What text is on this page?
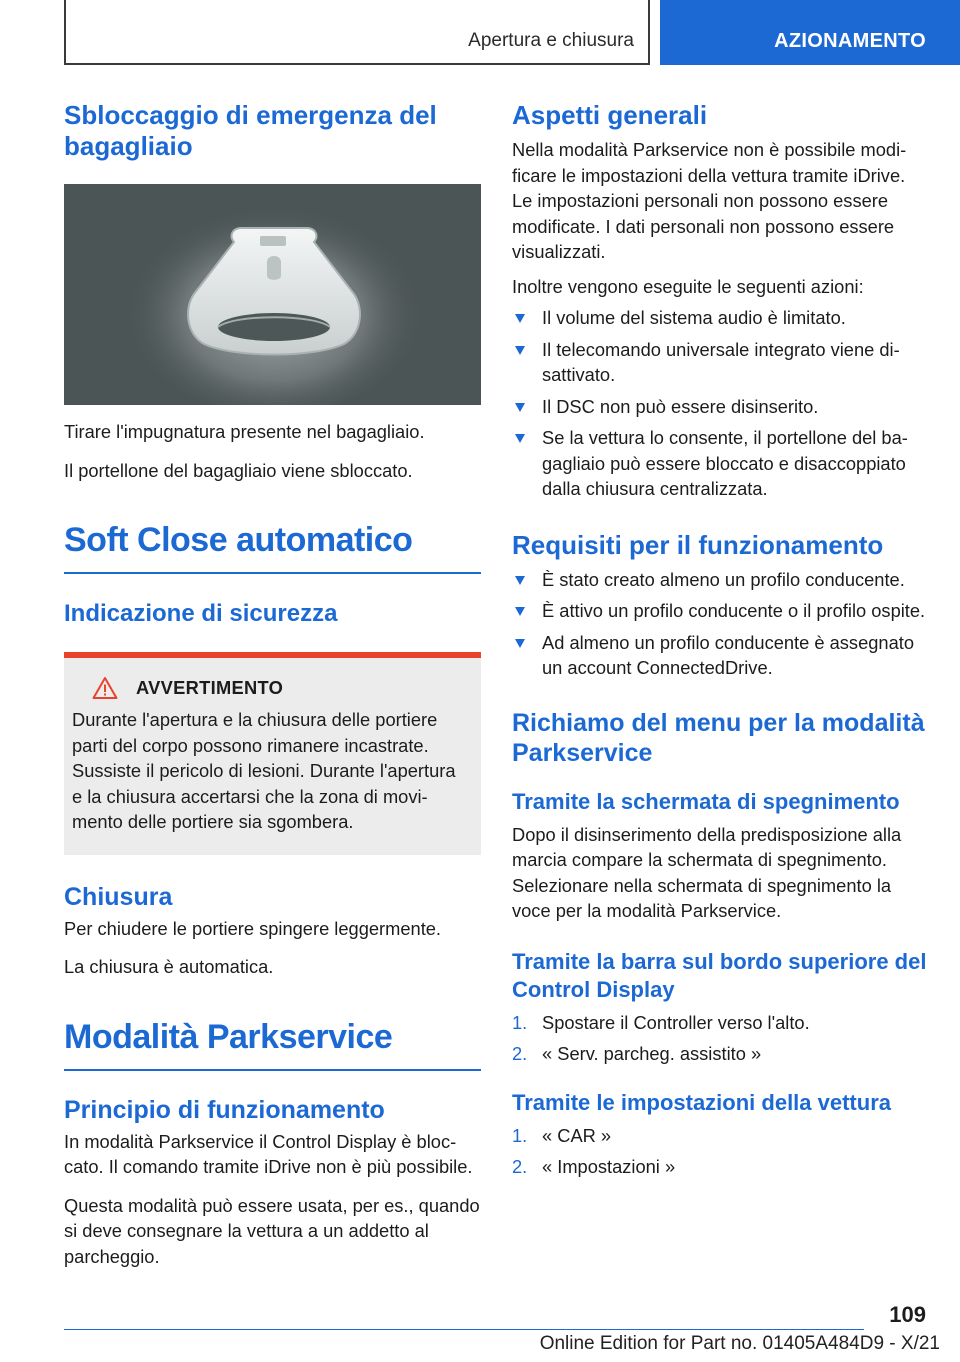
Apertura e chiusura	AZIONAMENTO
Sbloccaggio di emergenza del bagagliaio

Tirare l'impugnatura presente nel bagagliaio.

Il portellone del bagagliaio viene sbloccato.

Soft Close automatico
Indicazione di sicurezza
AVVERTIMENTO

Durante l'apertura e la chiusura delle portiere parti del corpo possono rimanere incastrate. Sussiste il pericolo di lesioni. Durante l'apertura e la chiusura accertarsi che la zona di movimento delle portiere sia sgombera.

Chiusura

Per chiudere le portiere spingere leggermente.

La chiusura è automatica.

Modalità Parkservice
Principio di funzionamento

In modalità Parkservice il Control Display è bloccato. Il comando tramite iDrive non è più possibile.

Questa modalità può essere usata, per es., quando si deve consegnare la vettura a un addetto al parcheggio.

Aspetti generali

Nella modalità Parkservice non è possibile modificare le impostazioni della vettura tramite iDrive. Le impostazioni personali non possono essere modificate. I dati personali non possono essere visualizzati.

Inoltre vengono eseguite le seguenti azioni:

Il volume del sistema audio è limitato.
Il telecomando universale integrato viene disattivato.
Il DSC non può essere disinserito.
Se la vettura lo consente, il portellone del bagagliaio può essere bloccato e disaccoppiato dalla chiusura centralizzata.
Requisiti per il funzionamento
È stato creato almeno un profilo conducente.
È attivo un profilo conducente o il profilo ospite.
Ad almeno un profilo conducente è assegnato un account ConnectedDrive.
Richiamo del menu per la modalità Parkservice
Tramite la schermata di spegnimento

Dopo il disinserimento della predisposizione alla marcia compare la schermata di spegnimento. Selezionare nella schermata di spegnimento la voce per la modalità Parkservice.

Tramite la barra sul bordo superiore del Control Display
1. Spostare il Controller verso l'alto.
2. « Serv. parcheg. assistito »
Tramite le impostazioni della vettura
1. « CAR »
2. « Impostazioni »
109
Online Edition for Part no. 01405A484D9 - X/21
